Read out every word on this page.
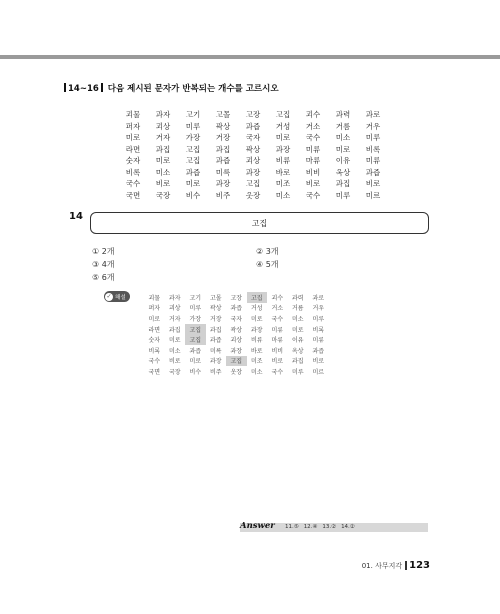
14~16 다음 제시된 문자가 반복되는 개수를 고르시오
괴물	과자	고기	고몰	고장	고집	괴수	과력	과로
퍼자	괴상	미루	곽상	과즙	거성	거소	거름	거우
미로	거자	가장	거장	국자	미로	국수	미소	미루
라면	과집	고집	과집	곽상	과장	미류	미로	비록
숫자	미로	고집	과즙	괴상	비류	마류	이유	미류
비록	미소	과즙	미륵	과장	바로	비비	옥상	과즙
국수	비로	미로	과장	고집	미조	비로	과집	비로
국면	국장	비수	비주	옷장	미소	국수	미루	미르
14
고집
① 2개	② 3개
③ 4개	④ 5개
⑤ 6개
✓ 해설	괴물	과자	고기	고몰	고장	고집	괴수	과력	과로
퍼자	괴상	미루	곽상	과즙	거성	거소	거름	거우
미로	거자	가장	거장	국자	미로	국수	미소	미루
라면	과집	고집	과집	곽상	과장	미류	미로	비록
숫자	미로	고집	과즙	괴상	비류	마류	이유	미류
비록	미소	과즙	미륵	과장	바로	비비	옥상	과즙
국수	비로	미로	과장	고집	미조	비로	과집	비로
국면	국장	비수	비주	옷장	미소	국수	미루	미르
Answer 11.⑤ 12.④ 13.② 14.②
01. 사무지각 123
